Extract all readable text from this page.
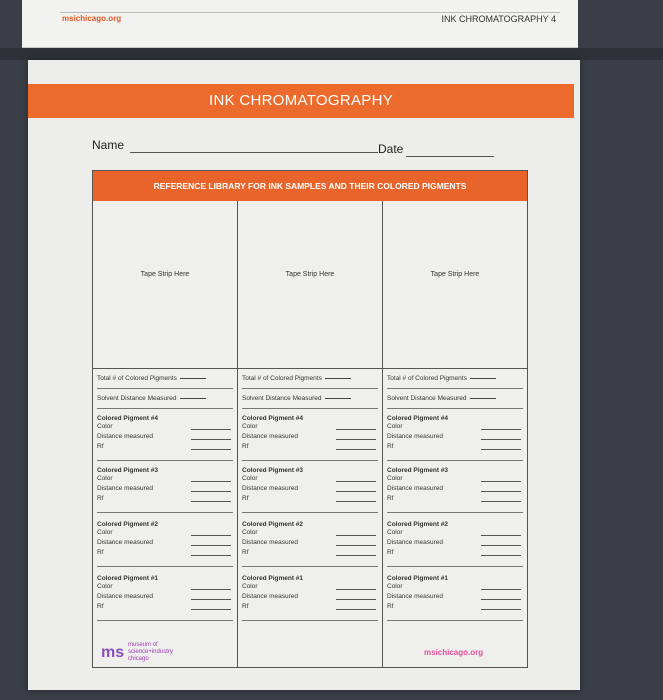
msichicago.org	INK CHROMATOGRAPHY 4
INK CHROMATOGRAPHY
Name	Date
REFERENCE LIBRARY FOR INK SAMPLES AND THEIR COLORED PIGMENTS
Tape Strip Here
Total # of Colored Pigments
Solvent Distance Measured
Colored Pigment #4
Color
Distance measured
Rf
Colored Pigment #3
Color
Distance measured
Rf
Colored Pigment #2
Color
Distance measured
Rf
Colored Pigment #1
Color
Distance measured
Rf
Tape Strip Here
Total # of Colored Pigments
Solvent Distance Measured
Colored Pigment #4
Color
Distance measured
Rf
Colored Pigment #3
Color
Distance measured
Rf
Colored Pigment #2
Color
Distance measured
Rf
Colored Pigment #1
Color
Distance measured
Rf
Tape Strip Here
Total # of Colored Pigments
Solvent Distance Measured
Colored Pigment #4
Color
Distance measured
Rf
Colored Pigment #3
Color
Distance measured
Rf
Colored Pigment #2
Color
Distance measured
Rf
Colored Pigment #1
Color
Distance measured
Rf
ms museum of
science+industry
chicago
msichicago.org
